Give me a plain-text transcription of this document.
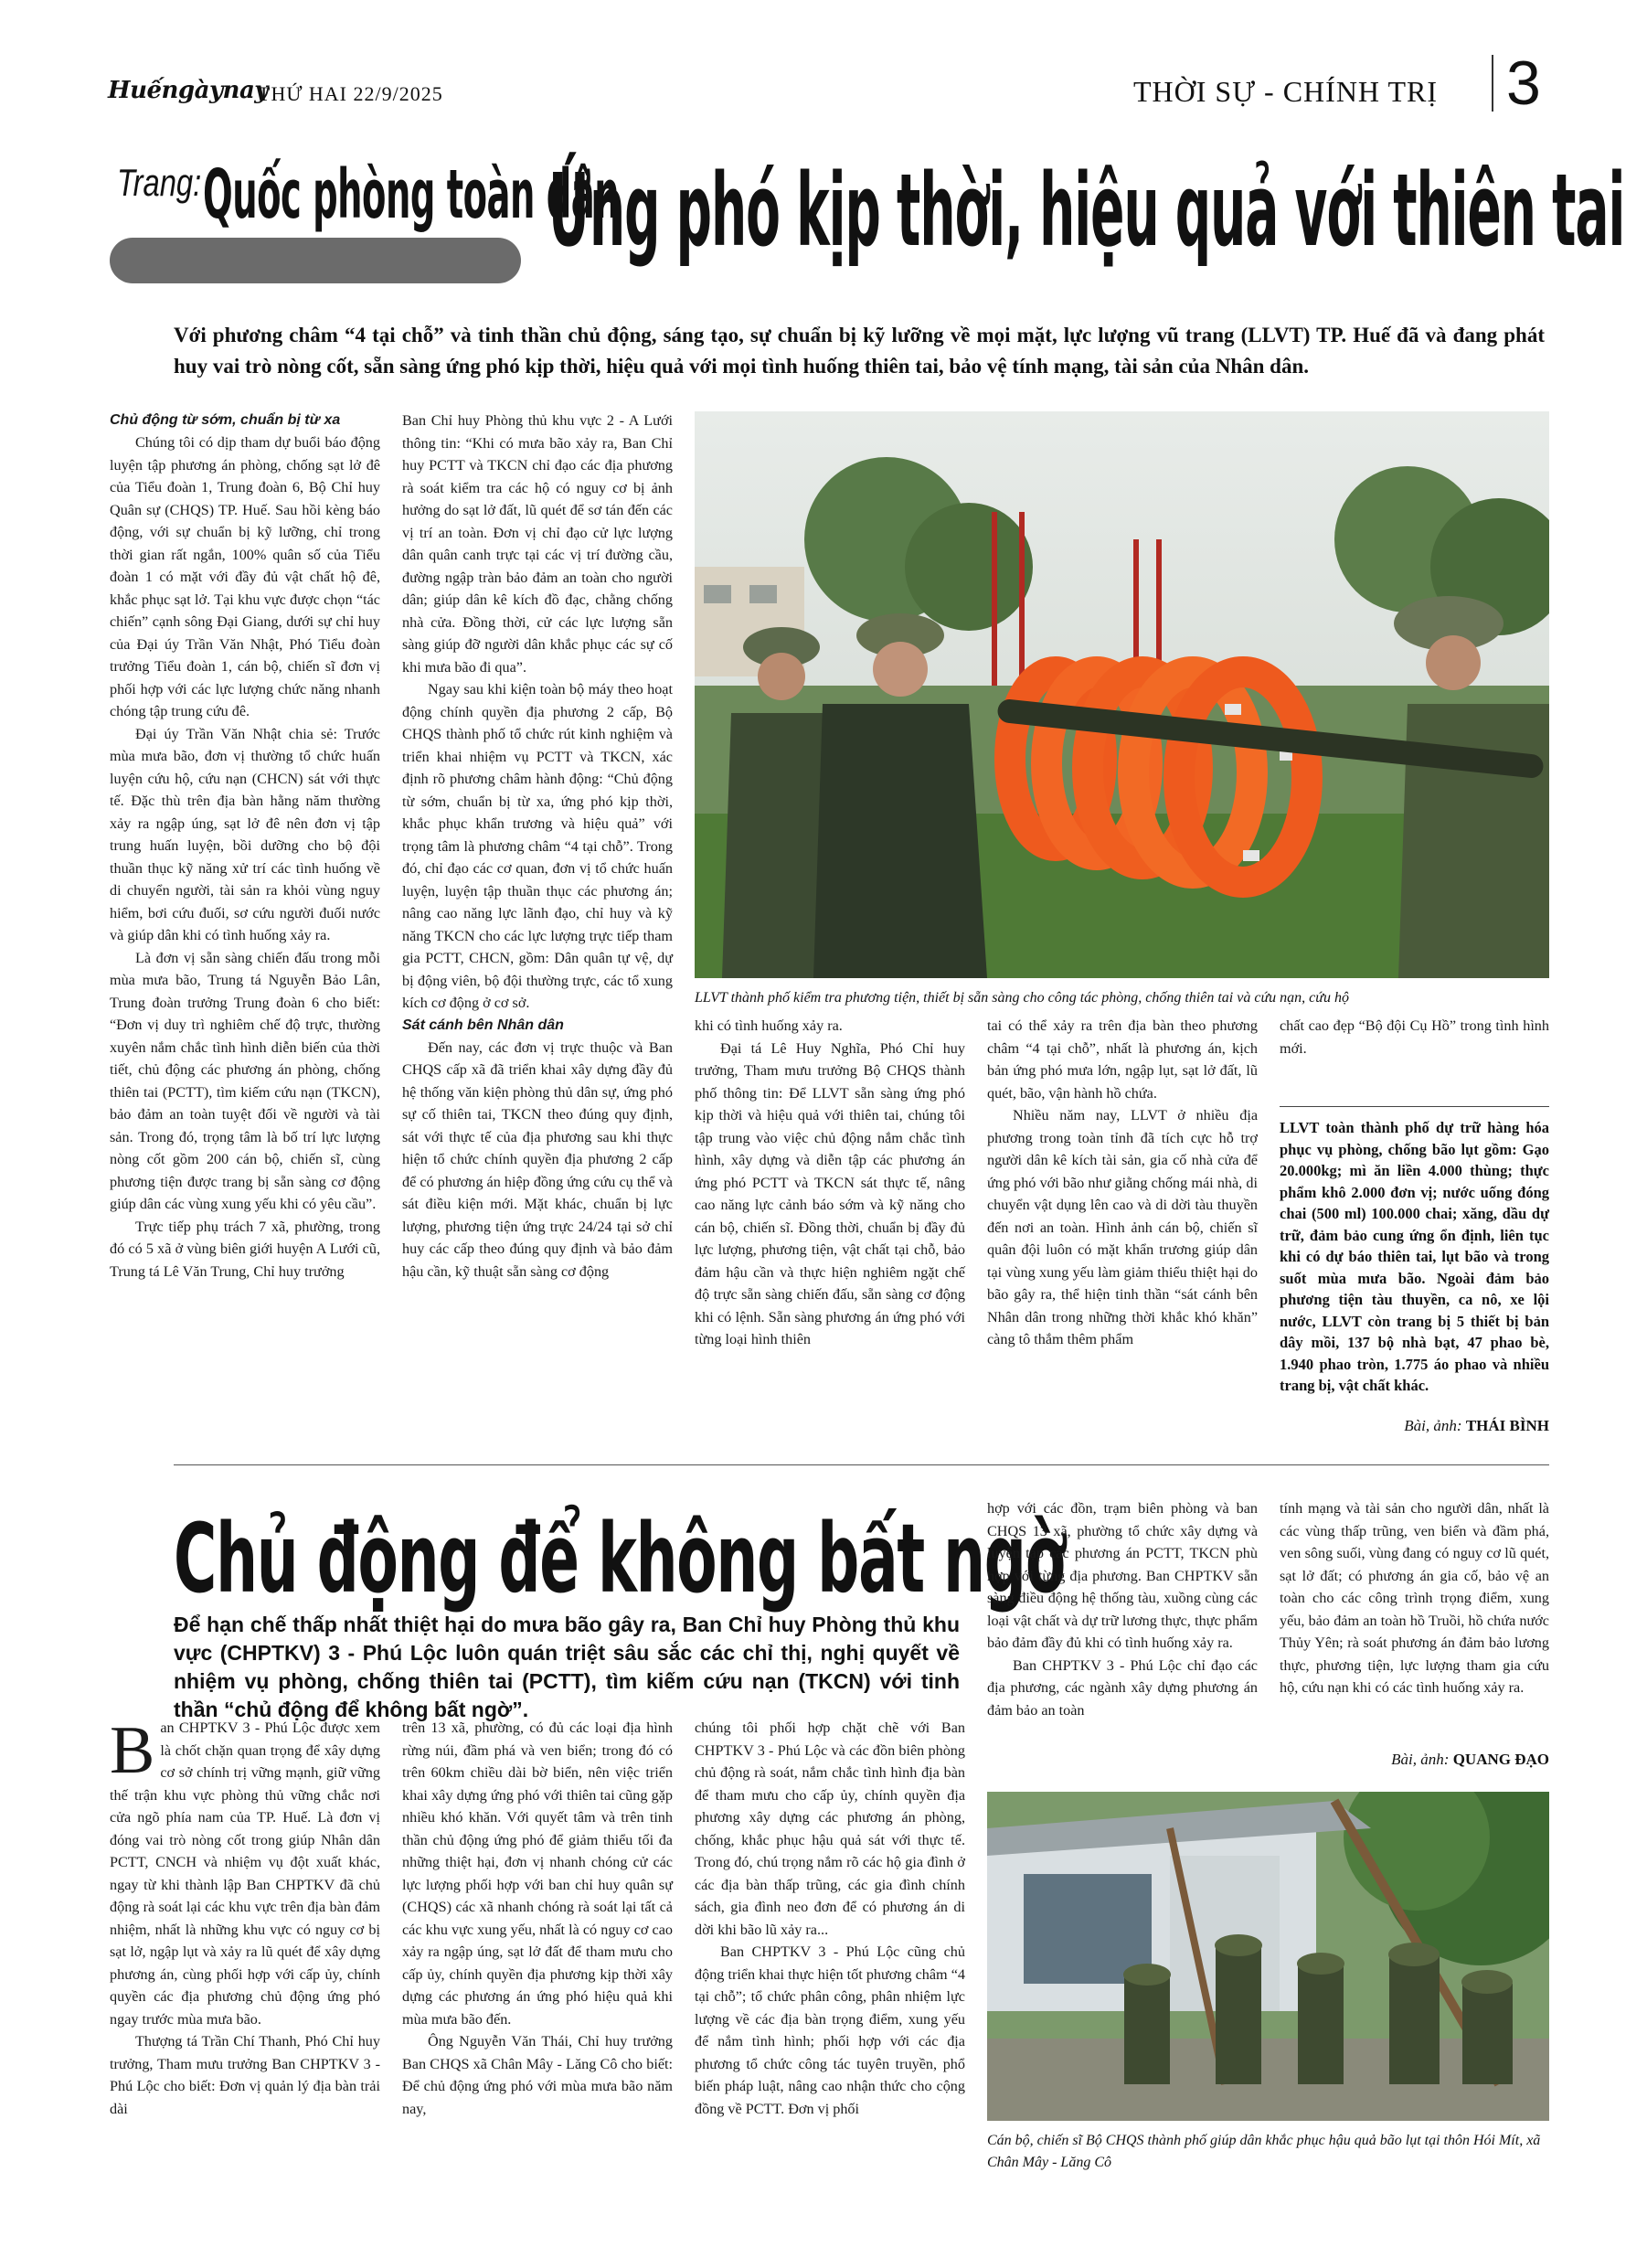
Huếngàynay
THỨ HAI 22/9/2025	THỜI SỰ - CHÍNH TRỊ 3
Trang: Quốc phòng toàn dân
Ứng phó kịp thời, hiệu quả với thiên tai
Với phương châm “4 tại chỗ” và tinh thần chủ động, sáng tạo, sự chuẩn bị kỹ lưỡng về mọi mặt, lực lượng vũ trang (LLVT) TP. Huế đã và đang phát huy vai trò nòng cốt, sẵn sàng ứng phó kịp thời, hiệu quả với mọi tình huống thiên tai, bảo vệ tính mạng, tài sản của Nhân dân.

Chủ động từ sớm, chuẩn bị từ xa

Chúng tôi có dịp tham dự buổi báo động luyện tập phương án phòng, chống sạt lở đê của Tiểu đoàn 1, Trung đoàn 6, Bộ Chỉ huy Quân sự (CHQS) TP. Huế. Sau hồi kèng báo động, với sự chuẩn bị kỹ lưỡng, chỉ trong thời gian rất ngắn, 100% quân số của Tiểu đoàn 1 có mặt với đầy đủ vật chất hộ đê, khắc phục sạt lở. Tại khu vực được chọn “tác chiến” cạnh sông Đại Giang, dưới sự chỉ huy của Đại úy Trần Văn Nhật, Phó Tiểu đoàn trưởng Tiểu đoàn 1, cán bộ, chiến sĩ đơn vị phối hợp với các lực lượng chức năng nhanh chóng tập trung cứu đê.

Đại úy Trần Văn Nhật chia sẻ: Trước mùa mưa bão, đơn vị thường tổ chức huấn luyện cứu hộ, cứu nạn (CHCN) sát với thực tế. Đặc thù trên địa bàn hằng năm thường xảy ra ngập úng, sạt lở đê nên đơn vị tập trung huấn luyện, bồi dưỡng cho bộ đội thuần thục kỹ năng xử trí các tình huống về di chuyển người, tài sản ra khỏi vùng nguy hiểm, bơi cứu đuối, sơ cứu người đuối nước và giúp dân khi có tình huống xảy ra.

Là đơn vị sẵn sàng chiến đấu trong mỗi mùa mưa bão, Trung tá Nguyễn Bảo Lân, Trung đoàn trưởng Trung đoàn 6 cho biết: “Đơn vị duy trì nghiêm chế độ trực, thường xuyên nắm chắc tình hình diễn biến của thời tiết, chủ động các phương án phòng, chống thiên tai (PCTT), tìm kiếm cứu nạn (TKCN), bảo đảm an toàn tuyệt đối về người và tài sản. Trong đó, trọng tâm là bố trí lực lượng nòng cốt gồm 200 cán bộ, chiến sĩ, cùng phương tiện được trang bị sẵn sàng cơ động giúp dân các vùng xung yếu khi có yêu cầu”.

Trực tiếp phụ trách 7 xã, phường, trong đó có 5 xã ở vùng biên giới huyện A Lưới cũ, Trung tá Lê Văn Trung, Chỉ huy trưởng

Ban Chỉ huy Phòng thủ khu vực 2 - A Lưới thông tin: “Khi có mưa bão xảy ra, Ban Chỉ huy PCTT và TKCN chỉ đạo các địa phương rà soát kiểm tra các hộ có nguy cơ bị ảnh hưởng do sạt lở đất, lũ quét để sơ tán đến các vị trí an toàn. Đơn vị chỉ đạo cử lực lượng dân quân canh trực tại các vị trí đường cầu, đường ngập tràn bảo đảm an toàn cho người dân; giúp dân kê kích đồ đạc, chằng chống nhà cửa. Đồng thời, cử các lực lượng sẵn sàng giúp đỡ người dân khắc phục các sự cố khi mưa bão đi qua”.

Ngay sau khi kiện toàn bộ máy theo hoạt động chính quyền địa phương 2 cấp, Bộ CHQS thành phố tổ chức rút kinh nghiệm và triển khai nhiệm vụ PCTT và TKCN, xác định rõ phương châm hành động: “Chủ động từ sớm, chuẩn bị từ xa, ứng phó kịp thời, khắc phục khẩn trương và hiệu quả” với trọng tâm là phương châm “4 tại chỗ”. Trong đó, chỉ đạo các cơ quan, đơn vị tổ chức huấn luyện, luyện tập thuần thục các phương án; nâng cao năng lực lãnh đạo, chỉ huy và kỹ năng TKCN cho các lực lượng trực tiếp tham gia PCTT, CHCN, gồm: Dân quân tự vệ, dự bị động viên, bộ đội thường trực, các tổ xung kích cơ động ở cơ sở.

Sát cánh bên Nhân dân

Đến nay, các đơn vị trực thuộc và Ban CHQS cấp xã đã triển khai xây dựng đầy đủ hệ thống văn kiện phòng thủ dân sự, ứng phó sự cố thiên tai, TKCN theo đúng quy định, sát với thực tế của địa phương sau khi thực hiện tổ chức chính quyền địa phương 2 cấp để có phương án hiệp đồng ứng cứu cụ thể và sát điều kiện mới. Mặt khác, chuẩn bị lực lượng, phương tiện ứng trực 24/24 tại sở chỉ huy các cấp theo đúng quy định và bảo đảm hậu cần, kỹ thuật sẵn sàng cơ động

LLVT thành phố kiểm tra phương tiện, thiết bị sẵn sàng cho công tác phòng, chống thiên tai và cứu nạn, cứu hộ

khi có tình huống xảy ra.

Đại tá Lê Huy Nghĩa, Phó Chỉ huy trưởng, Tham mưu trưởng Bộ CHQS thành phố thông tin: Để LLVT sẵn sàng ứng phó kịp thời và hiệu quả với thiên tai, chúng tôi tập trung vào việc chủ động nắm chắc tình hình, xây dựng và diễn tập các phương án ứng phó PCTT và TKCN sát thực tế, nâng cao năng lực cảnh báo sớm và kỹ năng cho cán bộ, chiến sĩ. Đồng thời, chuẩn bị đầy đủ lực lượng, phương tiện, vật chất tại chỗ, bảo đảm hậu cần và thực hiện nghiêm ngặt chế độ trực sẵn sàng chiến đấu, sẵn sàng cơ động khi có lệnh. Sẵn sàng phương án ứng phó với từng loại hình thiên

tai có thể xảy ra trên địa bàn theo phương châm “4 tại chỗ”, nhất là phương án, kịch bản ứng phó mưa lớn, ngập lụt, sạt lở đất, lũ quét, bão, vận hành hồ chứa.

Nhiều năm nay, LLVT ở nhiều địa phương trong toàn tỉnh đã tích cực hỗ trợ người dân kê kích tài sản, gia cố nhà cửa để ứng phó với bão như giằng chống mái nhà, di chuyển vật dụng lên cao và di dời tàu thuyền đến nơi an toàn. Hình ảnh cán bộ, chiến sĩ quân đội luôn có mặt khẩn trương giúp dân tại vùng xung yếu làm giảm thiểu thiệt hại do bão gây ra, thể hiện tinh thần “sát cánh bên Nhân dân trong những thời khắc khó khăn” càng tô thắm thêm phẩm

chất cao đẹp “Bộ đội Cụ Hồ” trong tình hình mới.

LLVT toàn thành phố dự trữ hàng hóa phục vụ phòng, chống bão lụt gồm: Gạo 20.000kg; mì ăn liền 4.000 thùng; thực phẩm khô 2.000 đơn vị; nước uống đóng chai (500 ml) 100.000 chai; xăng, dầu dự trữ, đảm bảo cung ứng ổn định, liên tục khi có dự báo thiên tai, lụt bão và trong suốt mùa mưa bão. Ngoài đảm bảo phương tiện tàu thuyền, ca nô, xe lội nước, LLVT còn trang bị 5 thiết bị bản dây mồi, 137 bộ nhà bạt, 47 phao bè, 1.940 phao tròn, 1.775 áo phao và nhiều trang bị, vật chất khác.
Bài, ảnh: THÁI BÌNH
Chủ động để không bất ngờ
Để hạn chế thấp nhất thiệt hại do mưa bão gây ra, Ban Chỉ huy Phòng thủ khu vực (CHPTKV) 3 - Phú Lộc luôn quán triệt sâu sắc các chỉ thị, nghị quyết về nhiệm vụ phòng, chống thiên tai (PCTT), tìm kiếm cứu nạn (TKCN) với tinh thần “chủ động để không bất ngờ”.

Ban CHPTKV 3 - Phú Lộc được xem là chốt chặn quan trọng để xây dựng cơ sở chính trị vững mạnh, giữ vững thế trận khu vực phòng thủ vững chắc nơi cửa ngõ phía nam của TP. Huế. Là đơn vị đóng vai trò nòng cốt trong giúp Nhân dân PCTT, CNCH và nhiệm vụ đột xuất khác, ngay từ khi thành lập Ban CHPTKV đã chủ động rà soát lại các khu vực trên địa bàn đảm nhiệm, nhất là những khu vực có nguy cơ bị sạt lở, ngập lụt và xảy ra lũ quét để xây dựng phương án, cùng phối hợp với cấp ủy, chính quyền các địa phương chủ động ứng phó ngay trước mùa mưa bão.

Thượng tá Trần Chí Thanh, Phó Chỉ huy trưởng, Tham mưu trưởng Ban CHPTKV 3 - Phú Lộc cho biết: Đơn vị quản lý địa bàn trải dài

trên 13 xã, phường, có đủ các loại địa hình rừng núi, đầm phá và ven biển; trong đó có trên 60km chiều dài bờ biển, nên việc triển khai xây dựng ứng phó với thiên tai cũng gặp nhiều khó khăn. Với quyết tâm và trên tinh thần chủ động ứng phó để giảm thiểu tối đa những thiệt hại, đơn vị nhanh chóng cử các lực lượng phối hợp với ban chỉ huy quân sự (CHQS) các xã nhanh chóng rà soát lại tất cả các khu vực xung yếu, nhất là có nguy cơ cao xảy ra ngập úng, sạt lở đất để tham mưu cho cấp ủy, chính quyền địa phương kịp thời xây dựng các phương án ứng phó hiệu quả khi mùa mưa bão đến.

Ông Nguyễn Văn Thái, Chỉ huy trưởng Ban CHQS xã Chân Mây - Lăng Cô cho biết: Để chủ động ứng phó với mùa mưa bão năm nay,

chúng tôi phối hợp chặt chẽ với Ban CHPTKV 3 - Phú Lộc và các đồn biên phòng chủ động rà soát, nắm chắc tình hình địa bàn để tham mưu cho cấp ủy, chính quyền địa phương xây dựng các phương án phòng, chống, khắc phục hậu quả sát với thực tế. Trong đó, chú trọng nắm rõ các hộ gia đình ở các địa bàn thấp trũng, các gia đình chính sách, gia đình neo đơn để có phương án di dời khi bão lũ xảy ra...

Ban CHPTKV 3 - Phú Lộc cũng chủ động triển khai thực hiện tốt phương châm “4 tại chỗ”; tổ chức phân công, phân nhiệm lực lượng về các địa bàn trọng điểm, xung yếu để nắm tình hình; phối hợp với các địa phương tổ chức công tác tuyên truyền, phổ biến pháp luật, nâng cao nhận thức cho cộng đồng về PCTT. Đơn vị phối

hợp với các đồn, trạm biên phòng và ban CHQS 13 xã, phường tổ chức xây dựng và luyện tập các phương án PCTT, TKCN phù hợp với từng địa phương. Ban CHPTKV sẵn sàng điều động hệ thống tàu, xuồng cùng các loại vật chất và dự trữ lương thực, thực phẩm bảo đảm đầy đủ khi có tình huống xảy ra.

Ban CHPTKV 3 - Phú Lộc chỉ đạo các địa phương, các ngành xây dựng phương án đảm bảo an toàn

tính mạng và tài sản cho người dân, nhất là các vùng thấp trũng, ven biển và đầm phá, ven sông suối, vùng đang có nguy cơ lũ quét, sạt lở đất; có phương án gia cố, bảo vệ an toàn cho các công trình trọng điểm, xung yếu, bảo đảm an toàn hồ Truồi, hồ chứa nước Thủy Yên; rà soát phương án đảm bảo lương thực, phương tiện, lực lượng tham gia cứu hộ, cứu nạn khi có các tình huống xảy ra.

Bài, ảnh: QUANG ĐẠO
Cán bộ, chiến sĩ Bộ CHQS thành phố giúp dân khắc phục hậu quả bão lụt tại thôn Hói Mít, xã Chân Mây - Lăng Cô
